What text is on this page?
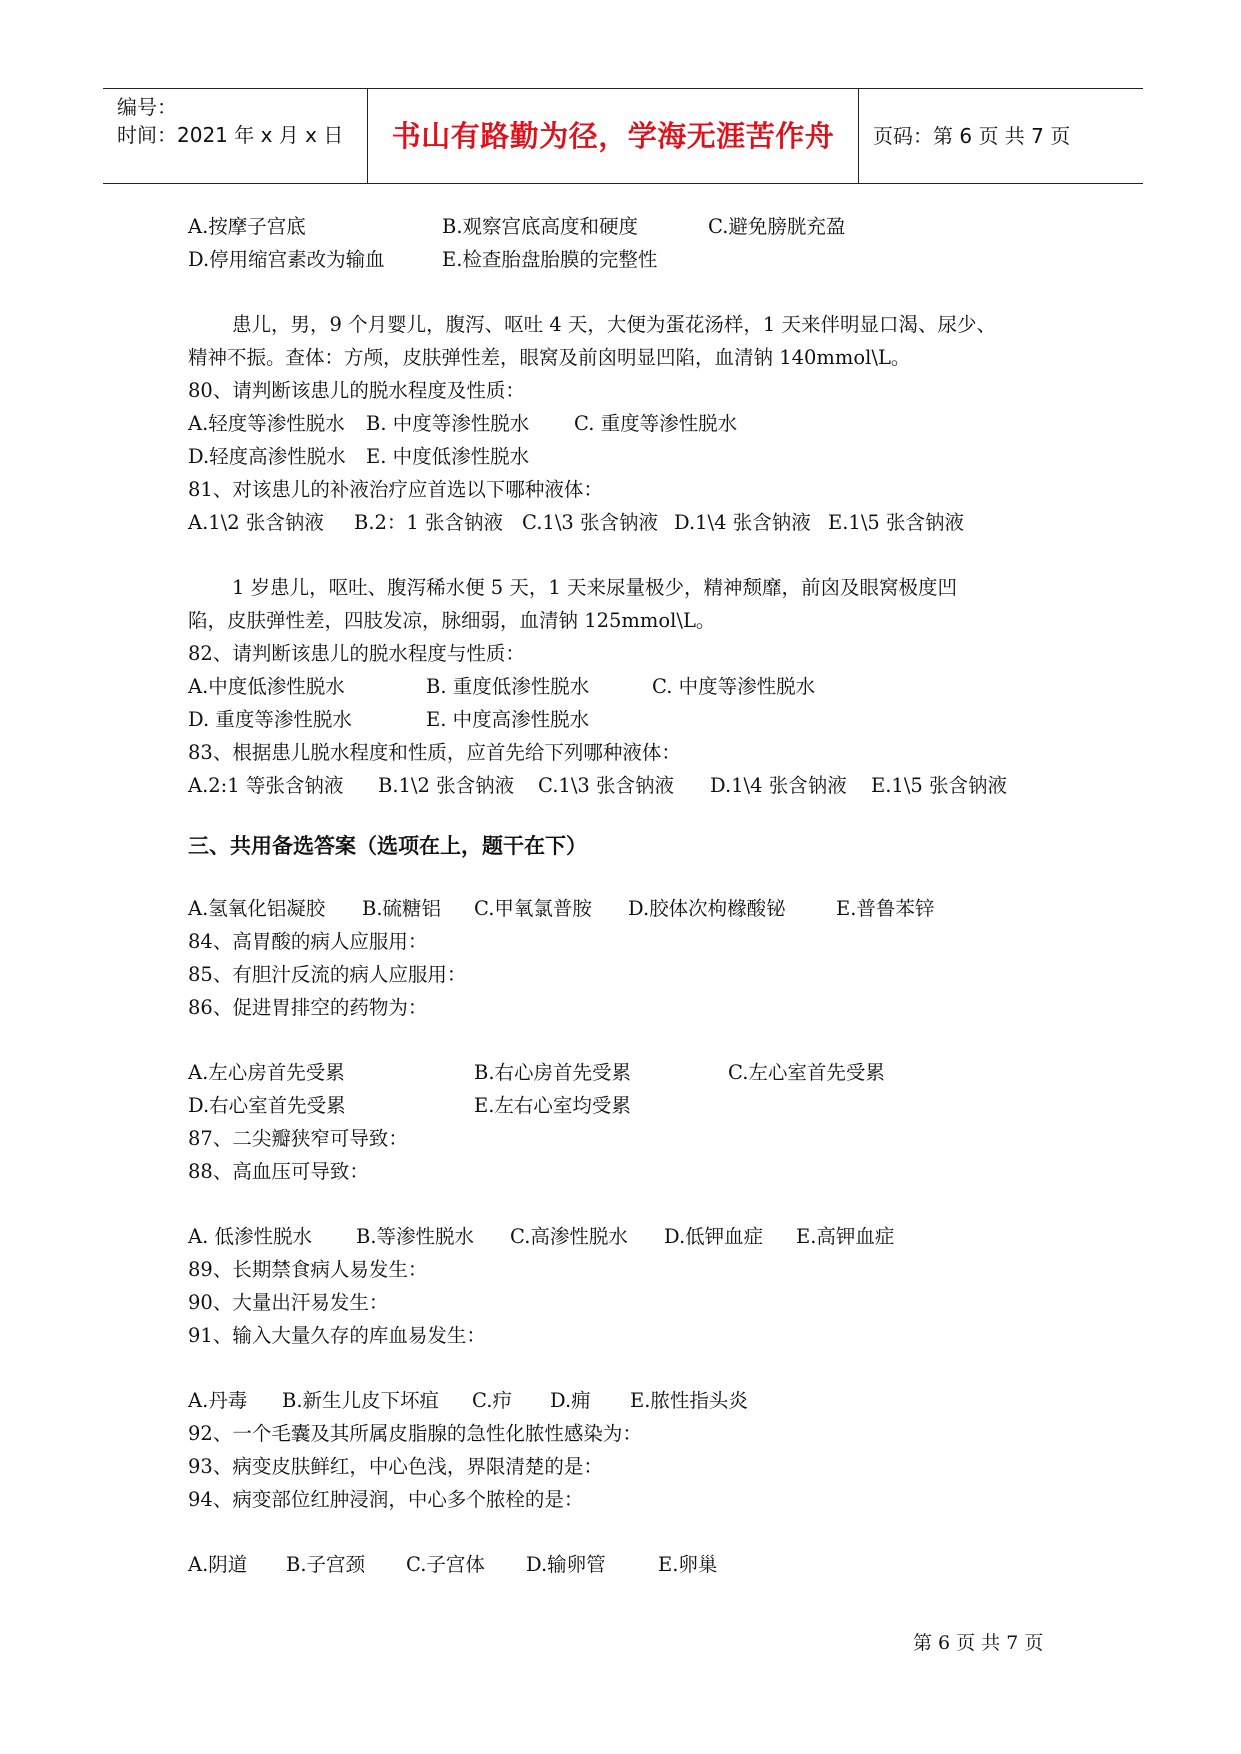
编号：
时间：2021 年 x 月 x 日	书山有路勤为径，学海无涯苦作舟	页码：第 6 页 共 7 页
A.按摩子宫底	B.观察宫底高度和硬度	C.避免膀胱充盈
D.停用缩宫素改为输血	E.检查胎盘胎膜的完整性
患儿，男，9 个月婴儿，腹泻、呕吐 4 天，大便为蛋花汤样，1 天来伴明显口渴、尿少、
精神不振。查体：方颅，皮肤弹性差，眼窝及前囟明显凹陷，血清钠 140mmol\L。
80、请判断该患儿的脱水程度及性质：
A.轻度等渗性脱水 B. 中度等渗性脱水 C. 重度等渗性脱水
D.轻度高渗性脱水 E. 中度低渗性脱水
81、对该患儿的补液治疗应首选以下哪种液体：
A.1\2 张含钠液 B.2：1 张含钠液 C.1\3 张含钠液 D.1\4 张含钠液 E.1\5 张含钠液
1 岁患儿，呕吐、腹泻稀水便 5 天，1 天来尿量极少，精神颓靡，前囟及眼窝极度凹
陷，皮肤弹性差，四肢发凉，脉细弱，血清钠 125mmol\L。
82、请判断该患儿的脱水程度与性质：
A.中度低渗性脱水	B. 重度低渗性脱水	C. 中度等渗性脱水
D. 重度等渗性脱水	E. 中度高渗性脱水
83、根据患儿脱水程度和性质，应首先给下列哪种液体：
A.2:1 等张含钠液 B.1\2 张含钠液 C.1\3 张含钠液 D.1\4 张含钠液 E.1\5 张含钠液
三、共用备选答案（选项在上，题干在下）
A.氢氧化铝凝胶 B.硫糖铝 C.甲氧氯普胺 D.胶体次枸橼酸铋	E.普鲁苯锌
84、高胃酸的病人应服用：
85、有胆汁反流的病人应服用：
86、促进胃排空的药物为：
A.左心房首先受累	B.右心房首先受累	C.左心室首先受累
D.右心室首先受累	E.左右心室均受累
87、二尖瓣狭窄可导致：
88、高血压可导致：
A. 低渗性脱水 B.等渗性脱水 C.高渗性脱水 D.低钾血症 E.高钾血症
89、长期禁食病人易发生：
90、大量出汗易发生：
91、输入大量久存的库血易发生：
A.丹毒 B.新生儿皮下坏疽 C.疖 D.痈 E.脓性指头炎
92、一个毛囊及其所属皮脂腺的急性化脓性感染为：
93、病变皮肤鲜红，中心色浅，界限清楚的是：
94、病变部位红肿浸润，中心多个脓栓的是：
A.阴道 B.子宫颈 C.子宫体 D.输卵管	E.卵巢
第 6 页 共 7 页
